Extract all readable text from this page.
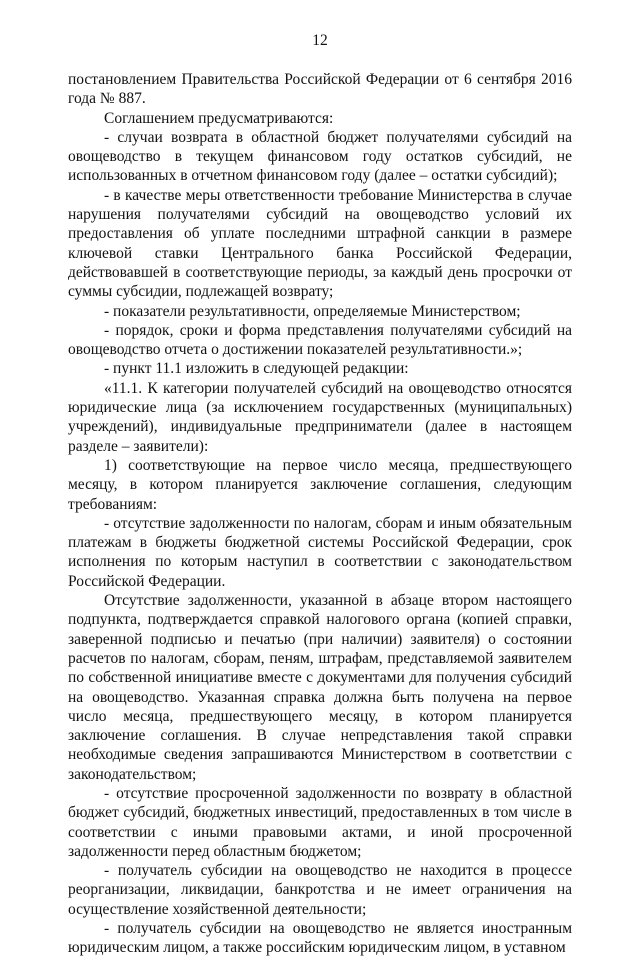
12

постановлением Правительства Российской Федерации от 6 сентября 2016 года № 887.

Соглашением предусматриваются:

- случаи возврата в областной бюджет получателями субсидий на овощеводство в текущем финансовом году остатков субсидий, не использованных в отчетном финансовом году (далее – остатки субсидий);

- в качестве меры ответственности требование Министерства в случае нарушения получателями субсидий на овощеводство условий их предоставления об уплате последними штрафной санкции в размере ключевой ставки Центрального банка Российской Федерации, действовавшей в соответствующие периоды, за каждый день просрочки от суммы субсидии, подлежащей возврату;

- показатели результативности, определяемые Министерством;

- порядок, сроки и форма представления получателями субсидий на овощеводство отчета о достижении показателей результативности.»;

- пункт 11.1 изложить в следующей редакции:

«11.1. К категории получателей субсидий на овощеводство относятся юридические лица (за исключением государственных (муниципальных) учреждений), индивидуальные предприниматели (далее в настоящем разделе – заявители):

1) соответствующие на первое число месяца, предшествующего месяцу, в котором планируется заключение соглашения, следующим требованиям:

- отсутствие задолженности по налогам, сборам и иным обязательным платежам в бюджеты бюджетной системы Российской Федерации, срок исполнения по которым наступил в соответствии с законодательством Российской Федерации.

Отсутствие задолженности, указанной в абзаце втором настоящего подпункта, подтверждается справкой налогового органа (копией справки, заверенной подписью и печатью (при наличии) заявителя) о состоянии расчетов по налогам, сборам, пеням, штрафам, представляемой заявителем по собственной инициативе вместе с документами для получения субсидий на овощеводство. Указанная справка должна быть получена на первое число месяца, предшествующего месяцу, в котором планируется заключение соглашения. В случае непредставления такой справки необходимые сведения запрашиваются Министерством в соответствии с законодательством;

- отсутствие просроченной задолженности по возврату в областной бюджет субсидий, бюджетных инвестиций, предоставленных в том числе в соответствии с иными правовыми актами, и иной просроченной задолженности перед областным бюджетом;

- получатель субсидии на овощеводство не находится в процессе реорганизации, ликвидации, банкротства и не имеет ограничения на осуществление хозяйственной деятельности;

- получатель субсидии на овощеводство не является иностранным юридическим лицом, а также российским юридическим лицом, в уставном
